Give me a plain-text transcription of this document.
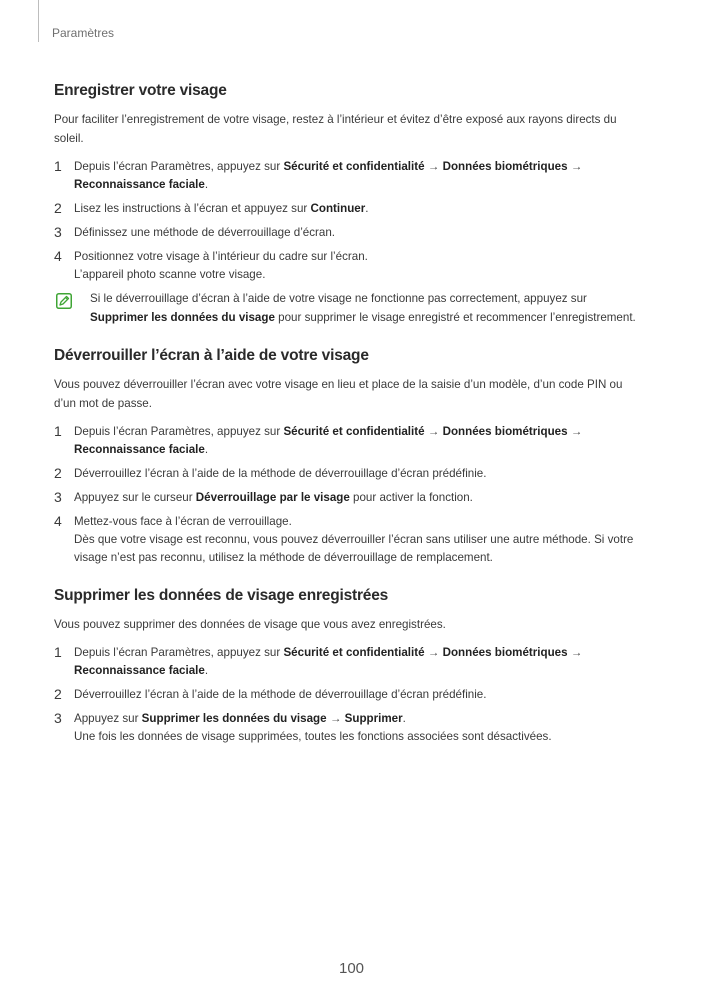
Paramètres
Enregistrer votre visage

Pour faciliter l’enregistrement de votre visage, restez à l’intérieur et évitez d’être exposé aux rayons directs du soleil.

1 Depuis l’écran Paramètres, appuyez sur Sécurité et confidentialité → Données biométriques → Reconnaissance faciale.
2 Lisez les instructions à l’écran et appuyez sur Continuer.
3 Définissez une méthode de déverrouillage d’écran.
4 Positionnez votre visage à l’intérieur du cadre sur l’écran.
L’appareil photo scanne votre visage.
Si le déverrouillage d’écran à l’aide de votre visage ne fonctionne pas correctement, appuyez sur Supprimer les données du visage pour supprimer le visage enregistré et recommencer l’enregistrement.
Déverrouiller l’écran à l’aide de votre visage

Vous pouvez déverrouiller l’écran avec votre visage en lieu et place de la saisie d’un modèle, d’un code PIN ou d’un mot de passe.

1 Depuis l’écran Paramètres, appuyez sur Sécurité et confidentialité → Données biométriques → Reconnaissance faciale.
2 Déverrouillez l’écran à l’aide de la méthode de déverrouillage d’écran prédéfinie.
3 Appuyez sur le curseur Déverrouillage par le visage pour activer la fonction.
4 Mettez-vous face à l’écran de verrouillage.
Dès que votre visage est reconnu, vous pouvez déverrouiller l’écran sans utiliser une autre méthode. Si votre visage n’est pas reconnu, utilisez la méthode de déverrouillage de remplacement.
Supprimer les données de visage enregistrées

Vous pouvez supprimer des données de visage que vous avez enregistrées.

1 Depuis l’écran Paramètres, appuyez sur Sécurité et confidentialité → Données biométriques → Reconnaissance faciale.
2 Déverrouillez l’écran à l’aide de la méthode de déverrouillage d’écran prédéfinie.
3 Appuyez sur Supprimer les données du visage → Supprimer.
Une fois les données de visage supprimées, toutes les fonctions associées sont désactivées.
100
